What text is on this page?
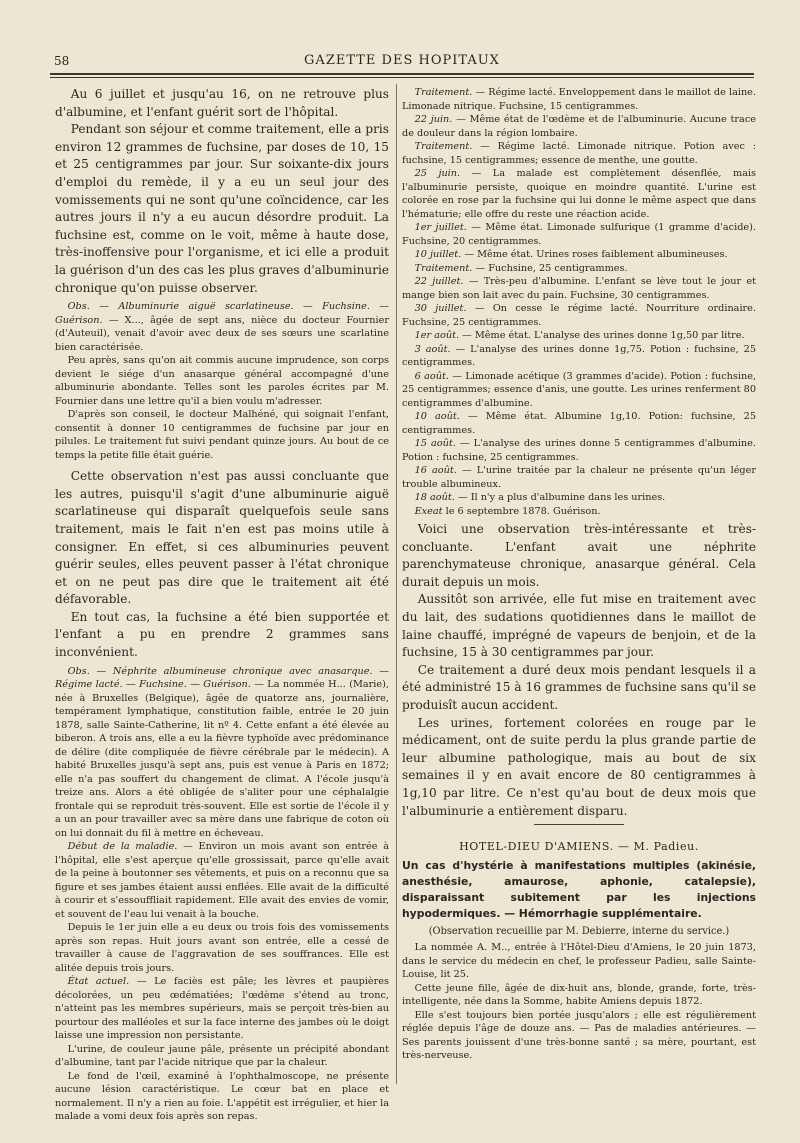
58	GAZETTE DES HOPITAUX

Au 6 juillet et jusqu'au 16, on ne retrouve plus d'albumine, et l'enfant guérit sort de l'hôpital.

Pendant son séjour et comme traitement, elle a pris environ 12 grammes de fuchsine, par doses de 10, 15 et 25 centigrammes par jour. Sur soixante-dix jours d'emploi du remède, il y a eu un seul jour des vomissements qui ne sont qu'une coïncidence, car les autres jours il n'y a eu aucun désordre produit. La fuchsine est, comme on le voit, même à haute dose, très-inoffensive pour l'organisme, et ici elle a produit la guérison d'un des cas les plus graves d'albuminurie chronique qu'on puisse observer.

Obs. — Albuminurie aiguë scarlatineuse. — Fuchsine. — Guérison. — X..., âgée de sept ans, nièce du docteur Fournier (d'Auteuil), venait d'avoir avec deux de ses sœurs une scarlatine bien caractérisée.

Peu après, sans qu'on ait commis aucune imprudence, son corps devient le siége d'un anasarque général accompagné d'une albuminurie abondante. Telles sont les paroles écrites par M. Fournier dans une lettre qu'il a bien voulu m'adresser.

D'après son conseil, le docteur Malhéné, qui soignait l'enfant, consentit à donner 10 centigrammes de fuchsine par jour en pilules. Le traitement fut suivi pendant quinze jours. Au bout de ce temps la petite fille était guérie.

Cette observation n'est pas aussi concluante que les autres, puisqu'il s'agit d'une albuminurie aiguë scarlatineuse qui disparaît quelquefois seule sans traitement, mais le fait n'en est pas moins utile à consigner. En effet, si ces albuminuries peuvent guérir seules, elles peuvent passer à l'état chronique et on ne peut pas dire que le traitement ait été défavorable.

En tout cas, la fuchsine a été bien supportée et l'enfant a pu en prendre 2 grammes sans inconvénient.

Obs. — Néphrite albumineuse chronique avec anasarque. — Régime lacté. — Fuchsine. — Guérison. — La nommée H... (Marie), née à Bruxelles (Belgique), âgée de quatorze ans, journalière, tempérament lymphatique, constitution faible, entrée le 20 juin 1878, salle Sainte-Catherine, lit nº 4. Cette enfant a été élevée au biberon. A trois ans, elle a eu la fièvre typhoïde avec prédominance de délire (dite compliquée de fièvre cérébrale par le médecin). A habité Bruxelles jusqu'à sept ans, puis est venue à Paris en 1872; elle n'a pas souffert du changement de climat. A l'école jusqu'à treize ans. Alors a été obligée de s'aliter pour une céphalalgie frontale qui se reproduit très-souvent. Elle est sortie de l'école il y a un an pour travailler avec sa mère dans une fabrique de coton où on lui donnait du fil à mettre en écheveau.

Début de la maladie. — Environ un mois avant son entrée à l'hôpital, elle s'est aperçue qu'elle grossissait, parce qu'elle avait de la peine à boutonner ses vêtements, et puis on a reconnu que sa figure et ses jambes étaient aussi enflées. Elle avait de la difficulté à courir et s'essouffliait rapidement. Elle avait des envies de vomir, et souvent de l'eau lui venait à la bouche.

Depuis le 1er juin elle a eu deux ou trois fois des vomissements après son repas. Huit jours avant son entrée, elle a cessé de travailler à cause de l'aggravation de ses souffrances. Elle est alitée depuis trois jours.

État actuel. — Le faciès est pâle; les lèvres et paupières décolorées, un peu œdématiées; l'œdème s'étend au tronc, n'atteint pas les membres supérieurs, mais se perçoit très-bien au pourtour des malléoles et sur la face interne des jambes où le doigt laisse une impression non persistante.

L'urine, de couleur jaune pâle, présente un précipité abondant d'albumine, tant par l'acide nitrique que par la chaleur.

Le fond de l'œil, examiné à l'ophthalmoscope, ne présente aucune lésion caractéristique. Le cœur bat en place et normalement. Il n'y a rien au foie. L'appétit est irrégulier, et hier la malade a vomi deux fois après son repas.

Traitement. — Régime lacté. Enveloppement dans le maillot de laine. Limonade nitrique. Fuchsine, 15 centigrammes.

22 juin. — Même état de l'œdème et de l'albuminurie. Aucune trace de douleur dans la région lombaire.

Traitement. — Régime lacté. Limonade nitrique. Potion avec : fuchsine, 15 centigrammes; essence de menthe, une goutte.

25 juin. — La malade est complètement désenflée, mais l'albuminurie persiste, quoique en moindre quantité. L'urine est colorée en rose par la fuchsine qui lui donne le même aspect que dans l'hématurie; elle offre du reste une réaction acide.

1er juillet. — Même état. Limonade sulfurique (1 gramme d'acide). Fuchsine, 20 centigrammes.

10 juillet. — Même état. Urines roses faiblement albumineuses.

Traitement. — Fuchsine, 25 centigrammes.

22 juillet. — Très-peu d'albumine. L'enfant se lève tout le jour et mange bien son lait avec du pain. Fuchsine, 30 centigrammes.

30 juillet. — On cesse le régime lacté. Nourriture ordinaire. Fuchsine, 25 centigrammes.

1er août. — Même état. L'analyse des urines donne 1g,50 par litre.

3 août. — L'analyse des urines donne 1g,75. Potion : fuchsine, 25 centigrammes.

6 août. — Limonade acétique (3 grammes d'acide). Potion : fuchsine, 25 centigrammes; essence d'anis, une goutte. Les urines renferment 80 centigrammes d'albumine.

10 août. — Même état. Albumine 1g,10. Potion: fuchsine, 25 centigrammes.

15 août. — L'analyse des urines donne 5 centigrammes d'albumine. Potion : fuchsine, 25 centigrammes.

16 août. — L'urine traitée par la chaleur ne présente qu'un léger trouble albumineux.

18 août. — Il n'y a plus d'albumine dans les urines.

Exeat le 6 septembre 1878. Guérison.

Voici une observation très-intéressante et très-concluante. L'enfant avait une néphrite parenchymateuse chronique, anasarque général. Cela durait depuis un mois.

Aussitôt son arrivée, elle fut mise en traitement avec du lait, des sudations quotidiennes dans le maillot de laine chauffé, imprégné de vapeurs de benjoin, et de la fuchsine, 15 à 30 centigrammes par jour.

Ce traitement a duré deux mois pendant lesquels il a été administré 15 à 16 grammes de fuchsine sans qu'il se produisît aucun accident.

Les urines, fortement colorées en rouge par le médicament, ont de suite perdu la plus grande partie de leur albumine pathologique, mais au bout de six semaines il y en avait encore de 80 centigrammes à 1g,10 par litre. Ce n'est qu'au bout de deux mois que l'albuminurie a entièrement disparu.

HOTEL-DIEU D'AMIENS. — M. Padieu.
Un cas d'hystérie à manifestations multiples (akinésie, anesthésie, amaurose, aphonie, catalepsie), disparaissant subitement par les injections hypodermiques. — Hémorrhagie supplémentaire.
(Observation recueillie par M. Debierre, interne du service.)

La nommée A. M.., entrée à l'Hôtel-Dieu d'Amiens, le 20 juin 1873, dans le service du médecin en chef, le professeur Padieu, salle Sainte-Louise, lit 25.

Cette jeune fille, âgée de dix-huit ans, blonde, grande, forte, très-intelligente, née dans la Somme, habite Amiens depuis 1872.

Elle s'est toujours bien portée jusqu'alors ; elle est régulièrement réglée depuis l'âge de douze ans. — Pas de maladies antérieures. — Ses parents jouissent d'une très-bonne santé ; sa mère, pourtant, est très-nerveuse.
